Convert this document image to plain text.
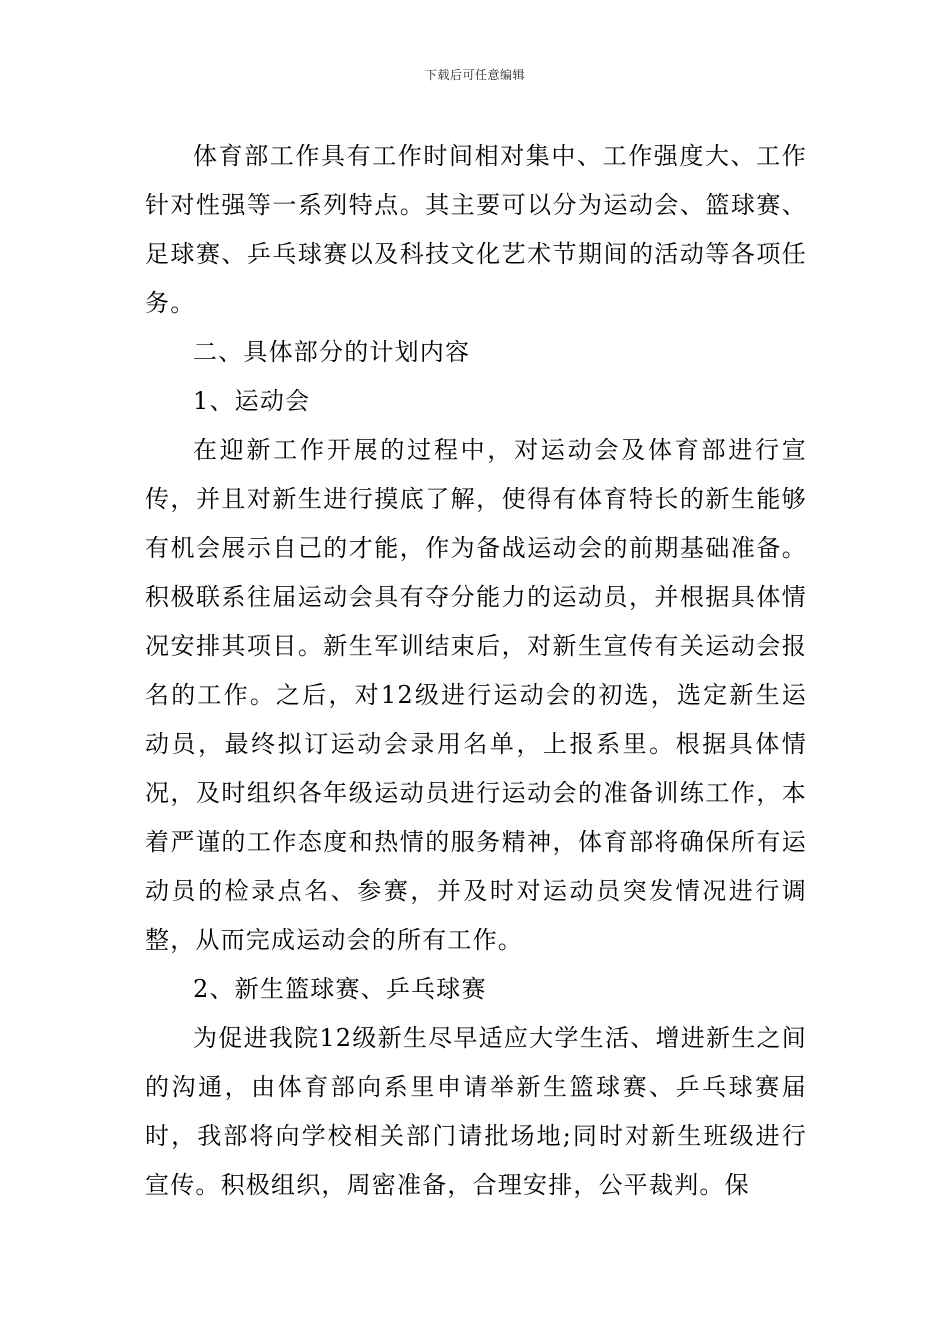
下载后可任意编辑

体育部工作具有工作时间相对集中、工作强度大、工作针对性强等一系列特点。其主要可以分为运动会、篮球赛、足球赛、乒乓球赛以及科技文化艺术节期间的活动等各项任务。

二、具体部分的计划内容

1、运动会

在迎新工作开展的过程中，对运动会及体育部进行宣传，并且对新生进行摸底了解，使得有体育特长的新生能够有机会展示自己的才能，作为备战运动会的前期基础准备。积极联系往届运动会具有夺分能力的运动员，并根据具体情况安排其项目。新生军训结束后，对新生宣传有关运动会报名的工作。之后，对12级进行运动会的初选，选定新生运动员，最终拟订运动会录用名单，上报系里。根据具体情况，及时组织各年级运动员进行运动会的准备训练工作，本着严谨的工作态度和热情的服务精神，体育部将确保所有运动员的检录点名、参赛，并及时对运动员突发情况进行调整，从而完成运动会的所有工作。

2、新生篮球赛、乒乓球赛

为促进我院12级新生尽早适应大学生活、增进新生之间的沟通，由体育部向系里申请举新生篮球赛、乒乓球赛届时，我部将向学校相关部门请批场地;同时对新生班级进行宣传。积极组织，周密准备，合理安排，公平裁判。保
